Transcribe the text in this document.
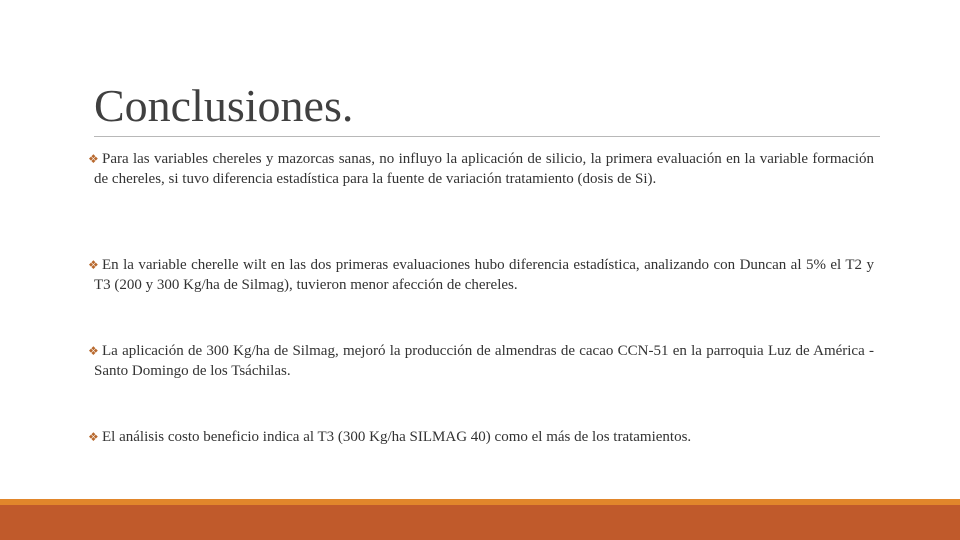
Conclusiones.

❖ Para las variables chereles y mazorcas sanas, no influyo la aplicación de silicio, la primera evaluación en la variable formación de chereles, si tuvo diferencia estadística para la fuente de variación tratamiento (dosis de Si).

❖ En la variable cherelle wilt en las dos primeras evaluaciones hubo diferencia estadística, analizando con Duncan al 5% el T2 y T3 (200 y 300 Kg/ha de Silmag), tuvieron menor afección de chereles.

❖ La aplicación de 300 Kg/ha de Silmag, mejoró la producción de almendras de cacao CCN-51 en la parroquia Luz de América - Santo Domingo de los Tsáchilas.

❖ El análisis costo beneficio indica al T3 (300 Kg/ha SILMAG 40) como el más de los tratamientos.
